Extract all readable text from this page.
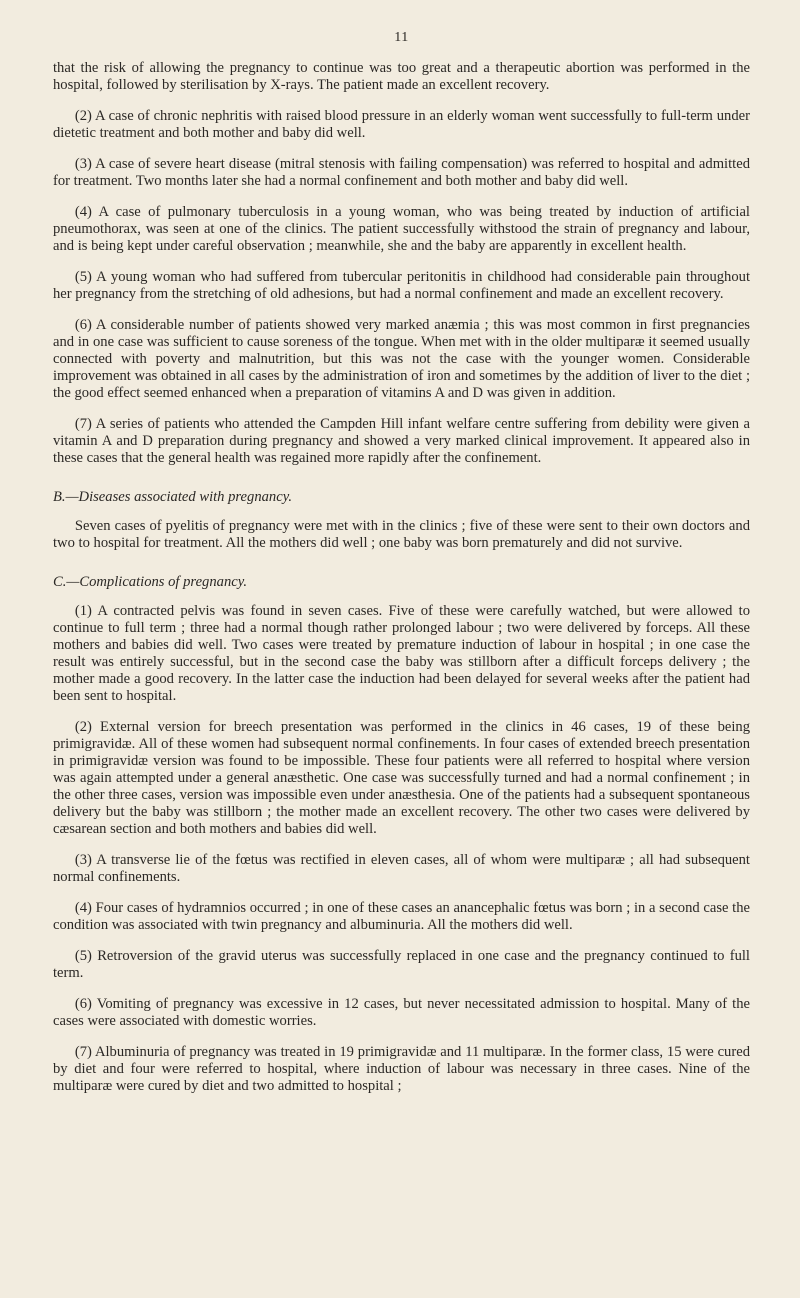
11

that the risk of allowing the pregnancy to continue was too great and a therapeutic abortion was performed in the hospital, followed by sterilisation by X-rays. The patient made an excellent recovery.

(2) A case of chronic nephritis with raised blood pressure in an elderly woman went successfully to full-term under dietetic treatment and both mother and baby did well.

(3) A case of severe heart disease (mitral stenosis with failing compensation) was referred to hospital and admitted for treatment. Two months later she had a normal confinement and both mother and baby did well.

(4) A case of pulmonary tuberculosis in a young woman, who was being treated by induction of artificial pneumothorax, was seen at one of the clinics. The patient successfully withstood the strain of pregnancy and labour, and is being kept under careful observation ; meanwhile, she and the baby are apparently in excellent health.

(5) A young woman who had suffered from tubercular peritonitis in childhood had considerable pain throughout her pregnancy from the stretching of old adhesions, but had a normal confinement and made an excellent recovery.

(6) A considerable number of patients showed very marked anæmia ; this was most common in first pregnancies and in one case was sufficient to cause soreness of the tongue. When met with in the older multiparæ it seemed usually connected with poverty and malnutrition, but this was not the case with the younger women. Considerable improvement was obtained in all cases by the administration of iron and sometimes by the addition of liver to the diet ; the good effect seemed enhanced when a preparation of vitamins A and D was given in addition.

(7) A series of patients who attended the Campden Hill infant welfare centre suffering from debility were given a vitamin A and D preparation during pregnancy and showed a very marked clinical improvement. It appeared also in these cases that the general health was regained more rapidly after the confinement.

B.—Diseases associated with pregnancy.

Seven cases of pyelitis of pregnancy were met with in the clinics ; five of these were sent to their own doctors and two to hospital for treatment. All the mothers did well ; one baby was born prematurely and did not survive.

C.—Complications of pregnancy.

(1) A contracted pelvis was found in seven cases. Five of these were carefully watched, but were allowed to continue to full term ; three had a normal though rather prolonged labour ; two were delivered by forceps. All these mothers and babies did well. Two cases were treated by premature induction of labour in hospital ; in one case the result was entirely successful, but in the second case the baby was stillborn after a difficult forceps delivery ; the mother made a good recovery. In the latter case the induction had been delayed for several weeks after the patient had been sent to hospital.

(2) External version for breech presentation was performed in the clinics in 46 cases, 19 of these being primigravidæ. All of these women had subsequent normal confinements. In four cases of extended breech presentation in primigravidæ version was found to be impossible. These four patients were all referred to hospital where version was again attempted under a general anæsthetic. One case was successfully turned and had a normal confinement ; in the other three cases, version was impossible even under anæsthesia. One of the patients had a subsequent spontaneous delivery but the baby was stillborn ; the mother made an excellent recovery. The other two cases were delivered by cæsarean section and both mothers and babies did well.

(3) A transverse lie of the fœtus was rectified in eleven cases, all of whom were multiparæ ; all had subsequent normal confinements.

(4) Four cases of hydramnios occurred ; in one of these cases an anancephalic fœtus was born ; in a second case the condition was associated with twin pregnancy and albuminuria. All the mothers did well.

(5) Retroversion of the gravid uterus was successfully replaced in one case and the pregnancy continued to full term.

(6) Vomiting of pregnancy was excessive in 12 cases, but never necessitated admission to hospital. Many of the cases were associated with domestic worries.

(7) Albuminuria of pregnancy was treated in 19 primigravidæ and 11 multiparæ. In the former class, 15 were cured by diet and four were referred to hospital, where induction of labour was necessary in three cases. Nine of the multiparæ were cured by diet and two admitted to hospital ;
